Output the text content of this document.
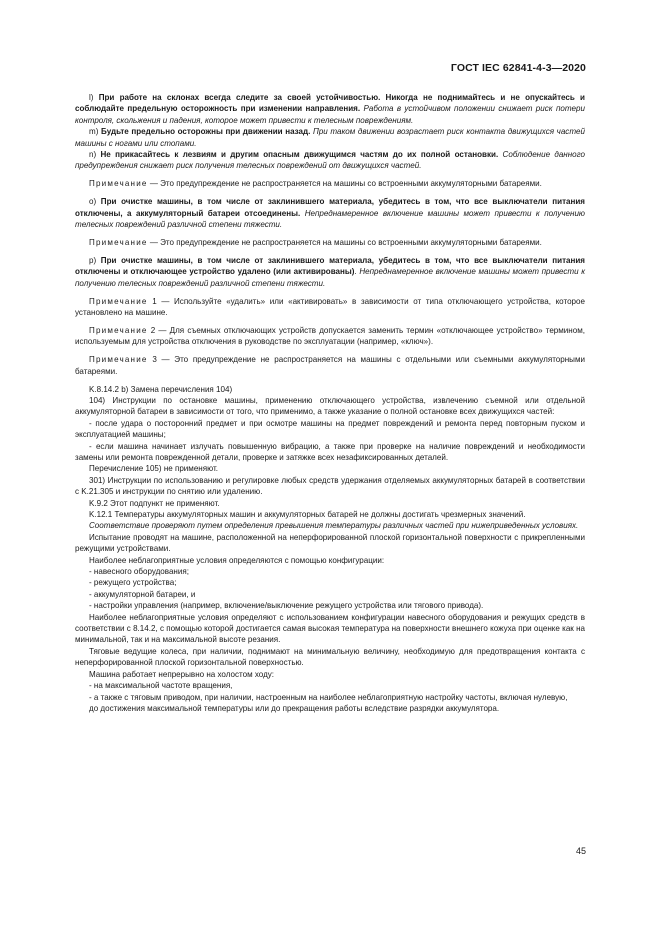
ГОСТ IEC 62841-4-3—2020

l) При работе на склонах всегда следите за своей устойчивостью. Никогда не поднимайтесь и не опускайтесь и соблюдайте предельную осторожность при изменении направления. Работа в устойчивом положении снижает риск потери контроля, скольжения и падения, которое может привести к телесным повреждениям.

m) Будьте предельно осторожны при движении назад. При таком движении возрастает риск контакта движущихся частей машины с ногами или стопами.

n) Не прикасайтесь к лезвиям и другим опасным движущимся частям до их полной остановки. Соблюдение данного предупреждения снижает риск получения телесных повреждений от движущихся частей.

Примечание — Это предупреждение не распространяется на машины со встроенными аккумуляторными батареями.

o) При очистке машины, в том числе от заклинившего материала, убедитесь в том, что все выключатели питания отключены, а аккумуляторный батареи отсоединены. Непреднамеренное включение машины может привести к получению телесных повреждений различной степени тяжести.

Примечание — Это предупреждение не распространяется на машины со встроенными аккумуляторными батареями.

p) При очистке машины, в том числе от заклинившего материала, убедитесь в том, что все выключатели питания отключены и отключающее устройство удалено (или активированы). Непреднамеренное включение машины может привести к получению телесных повреждений различной степени тяжести.

Примечание 1 — Используйте «удалить» или «активировать» в зависимости от типа отключающего устройства, которое установлено на машине.

Примечание 2 — Для съемных отключающих устройств допускается заменить термин «отключающее устройство» термином, используемым для устройства отключения в руководстве по эксплуатации (например, «ключ»).

Примечание 3 — Это предупреждение не распространяется на машины с отдельными или съемными аккумуляторными батареями.

K.8.14.2 b) Замена перечисления 104)

104) Инструкции по остановке машины, применению отключающего устройства, извлечению съемной или отдельной аккумуляторной батареи в зависимости от того, что применимо, а также указание о полной остановке всех движущихся частей:

- после удара о посторонний предмет и при осмотре машины на предмет повреждений и ремонта перед повторным пуском и эксплуатацией машины;

- если машина начинает излучать повышенную вибрацию, а также при проверке на наличие повреждений и необходимости замены или ремонта поврежденной детали, проверке и затяжке всех незафиксированных деталей.

Перечисление 105) не применяют.

301) Инструкции по использованию и регулировке любых средств удержания отделяемых аккумуляторных батарей в соответствии с K.21.305 и инструкции по снятию или удалению.

K.9.2 Этот подпункт не применяют.

K.12.1 Температуры аккумуляторных машин и аккумуляторных батарей не должны достигать чрезмерных значений.

Соответствие проверяют путем определения превышения температуры различных частей при нижеприведенных условиях.

Испытание проводят на машине, расположенной на неперфорированной плоской горизонтальной поверхности с прикрепленными режущими устройствами.

Наиболее неблагоприятные условия определяются с помощью конфигурации:

- навесного оборудования;

- режущего устройства;

- аккумуляторной батареи, и

- настройки управления (например, включение/выключение режущего устройства или тягового привода).

Наиболее неблагоприятные условия определяют с использованием конфигурации навесного оборудования и режущих средств в соответствии с 8.14.2, с помощью которой достигается самая высокая температура на поверхности внешнего кожуха при оценке как на минимальной, так и на максимальной высоте резания.

Тяговые ведущие колеса, при наличии, поднимают на минимальную величину, необходимую для предотвращения контакта с неперфорированной плоской горизонтальной поверхностью.

Машина работает непрерывно на холостом ходу:

- на максимальной частоте вращения,

- а также с тяговым приводом, при наличии, настроенным на наиболее неблагоприятную настройку частоты, включая нулевую,

до достижения максимальной температуры или до прекращения работы вследствие разрядки аккумулятора.

45
